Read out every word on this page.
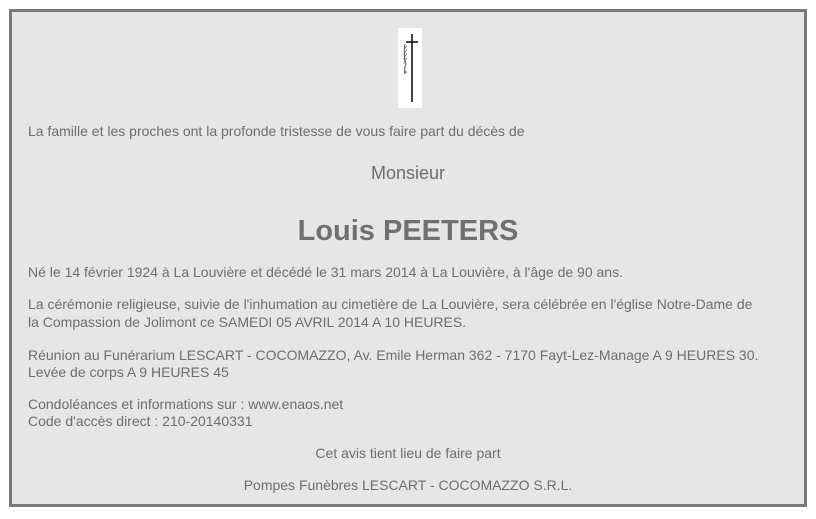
La famille et les proches ont la profonde tristesse de vous faire part du décès de

Monsieur

Louis PEETERS

Né le 14 février 1924 à La Louvière et décédé le 31 mars 2014 à La Louvière, à l'âge de 90 ans.

La cérémonie religieuse, suivie de l'inhumation au cimetière de La Louvière, sera célébrée en l'église Notre-Dame de

la Compassion de Jolimont ce SAMEDI 05 AVRIL 2014 A 10 HEURES.

Réunion au Funérarium LESCART - COCOMAZZO, Av. Emile Herman 362 - 7170 Fayt-Lez-Manage A 9 HEURES 30.

Levée de corps A 9 HEURES 45

Condoléances et informations sur : www.enaos.net

Code d'accès direct : 210-20140331

Cet avis tient lieu de faire part

Pompes Funèbres LESCART - COCOMAZZO S.R.L.
